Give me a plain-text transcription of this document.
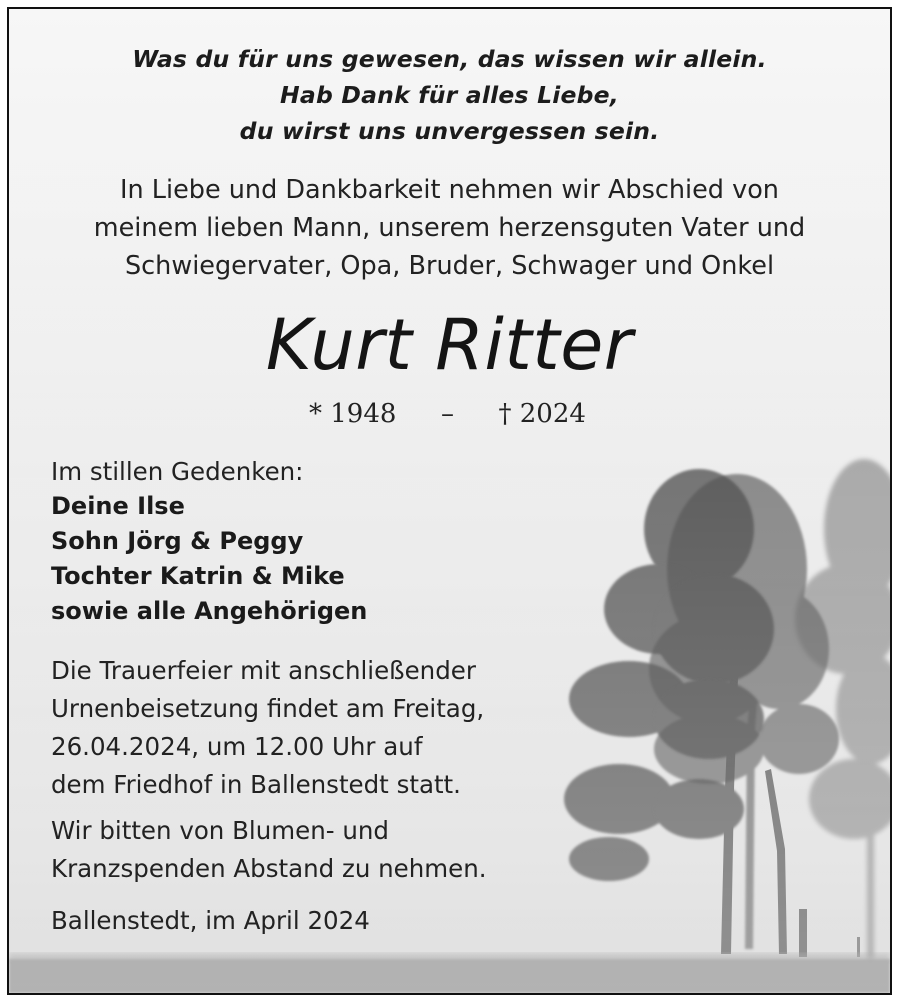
Was du für uns gewesen, das wissen wir allein.
Hab Dank für alles Liebe,
du wirst uns unvergessen sein.
In Liebe und Dankbarkeit nehmen wir Abschied von
meinem lieben Mann, unserem herzensguten Vater und
Schwiegervater, Opa, Bruder, Schwager und Onkel
Kurt Ritter
* 1948 – † 2024
Im stillen Gedenken:
Deine Ilse
Sohn Jörg & Peggy
Tochter Katrin & Mike
sowie alle Angehörigen
Die Trauerfeier mit anschließender
Urnenbeisetzung findet am Freitag,
26.04.2024, um 12.00 Uhr auf
dem Friedhof in Ballenstedt statt.
Wir bitten von Blumen- und
Kranzspenden Abstand zu nehmen.
Ballenstedt, im April 2024
